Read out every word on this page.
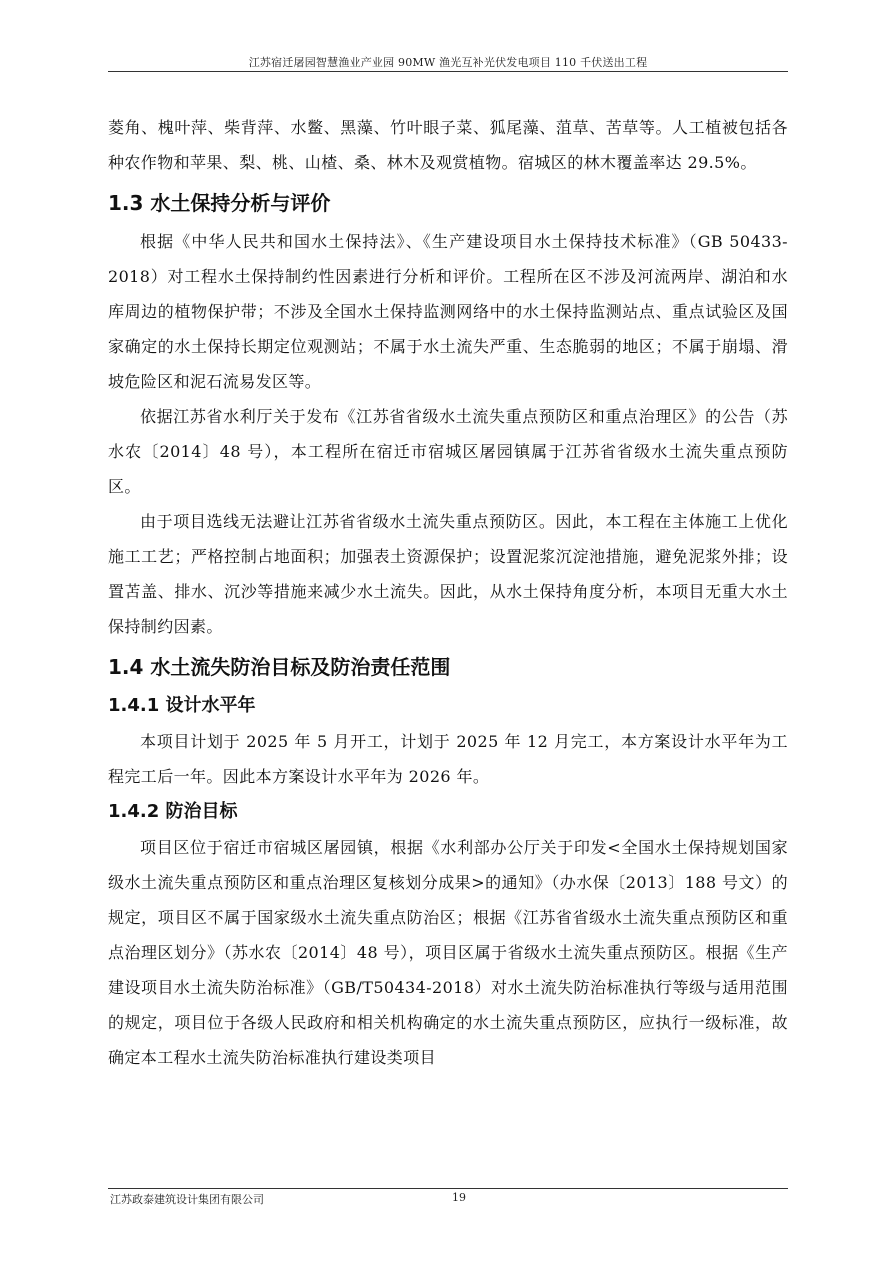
江苏宿迁屠园智慧渔业产业园 90MW 渔光互补光伏发电项目 110 千伏送出工程

菱角、槐叶萍、柴背萍、水鳖、黑藻、竹叶眼子菜、狐尾藻、菹草、苦草等。人工植被包括各种农作物和苹果、梨、桃、山楂、桑、林木及观赏植物。宿城区的林木覆盖率达 29.5%。

1.3 水土保持分析与评价

根据《中华人民共和国水土保持法》、《生产建设项目水土保持技术标准》（GB 50433-2018）对工程水土保持制约性因素进行分析和评价。工程所在区不涉及河流两岸、湖泊和水库周边的植物保护带；不涉及全国水土保持监测网络中的水土保持监测站点、重点试验区及国家确定的水土保持长期定位观测站；不属于水土流失严重、生态脆弱的地区；不属于崩塌、滑坡危险区和泥石流易发区等。

依据江苏省水利厅关于发布《江苏省省级水土流失重点预防区和重点治理区》的公告（苏水农〔2014〕48 号），本工程所在宿迁市宿城区屠园镇属于江苏省省级水土流失重点预防区。

由于项目选线无法避让江苏省省级水土流失重点预防区。因此，本工程在主体施工上优化施工工艺；严格控制占地面积；加强表土资源保护；设置泥浆沉淀池措施，避免泥浆外排；设置苫盖、排水、沉沙等措施来减少水土流失。因此，从水土保持角度分析，本项目无重大水土保持制约因素。

1.4 水土流失防治目标及防治责任范围
1.4.1 设计水平年

本项目计划于 2025 年 5 月开工，计划于 2025 年 12 月完工，本方案设计水平年为工程完工后一年。因此本方案设计水平年为 2026 年。

1.4.2 防治目标

项目区位于宿迁市宿城区屠园镇，根据《水利部办公厅关于印发<全国水土保持规划国家级水土流失重点预防区和重点治理区复核划分成果>的通知》（办水保〔2013〕188 号文）的规定，项目区不属于国家级水土流失重点防治区；根据《江苏省省级水土流失重点预防区和重点治理区划分》（苏水农〔2014〕48 号），项目区属于省级水土流失重点预防区。根据《生产建设项目水土流失防治标准》（GB/T50434-2018）对水土流失防治标准执行等级与适用范围的规定，项目位于各级人民政府和相关机构确定的水土流失重点预防区，应执行一级标准，故确定本工程水土流失防治标准执行建设类项目

江苏政泰建筑设计集团有限公司	19
